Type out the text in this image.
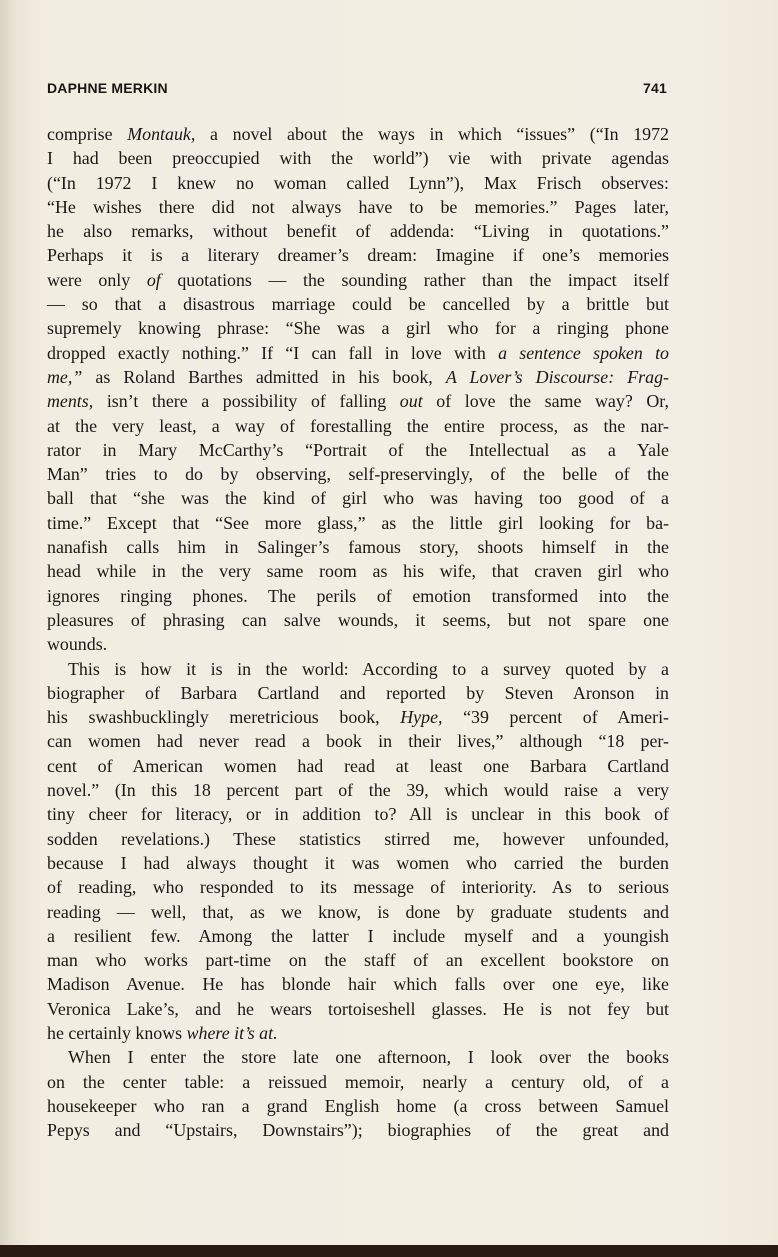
DAPHNE MERKIN	741
comprise Montauk, a novel about the ways in which “issues” (“In 1972
I had been preoccupied with the world”) vie with private agendas
(“In 1972 I knew no woman called Lynn”), Max Frisch observes:
“He wishes there did not always have to be memories.” Pages later,
he also remarks, without benefit of addenda: “Living in quotations.”
Perhaps it is a literary dreamer’s dream: Imagine if one’s memories
were only of quotations — the sounding rather than the impact itself
— so that a disastrous marriage could be cancelled by a brittle but
supremely knowing phrase: “She was a girl who for a ringing phone
dropped exactly nothing.” If “I can fall in love with a sentence spoken to
me,” as Roland Barthes admitted in his book, A Lover’s Discourse: Frag-
ments, isn’t there a possibility of falling out of love the same way? Or,
at the very least, a way of forestalling the entire process, as the nar-
rator in Mary McCarthy’s “Portrait of the Intellectual as a Yale
Man” tries to do by observing, self-preservingly, of the belle of the
ball that “she was the kind of girl who was having too good of a
time.” Except that “See more glass,” as the little girl looking for ba-
nanafish calls him in Salinger’s famous story, shoots himself in the
head while in the very same room as his wife, that craven girl who
ignores ringing phones. The perils of emotion transformed into the
pleasures of phrasing can salve wounds, it seems, but not spare one
wounds.
This is how it is in the world: According to a survey quoted by a
biographer of Barbara Cartland and reported by Steven Aronson in
his swashbucklingly meretricious book, Hype, “39 percent of Ameri-
can women had never read a book in their lives,” although “18 per-
cent of American women had read at least one Barbara Cartland
novel.” (In this 18 percent part of the 39, which would raise a very
tiny cheer for literacy, or in addition to? All is unclear in this book of
sodden revelations.) These statistics stirred me, however unfounded,
because I had always thought it was women who carried the burden
of reading, who responded to its message of interiority. As to serious
reading — well, that, as we know, is done by graduate students and
a resilient few. Among the latter I include myself and a youngish
man who works part-time on the staff of an excellent bookstore on
Madison Avenue. He has blonde hair which falls over one eye, like
Veronica Lake’s, and he wears tortoiseshell glasses. He is not fey but
he certainly knows where it’s at.
When I enter the store late one afternoon, I look over the books
on the center table: a reissued memoir, nearly a century old, of a
housekeeper who ran a grand English home (a cross between Samuel
Pepys and “Upstairs, Downstairs”); biographies of the great and
